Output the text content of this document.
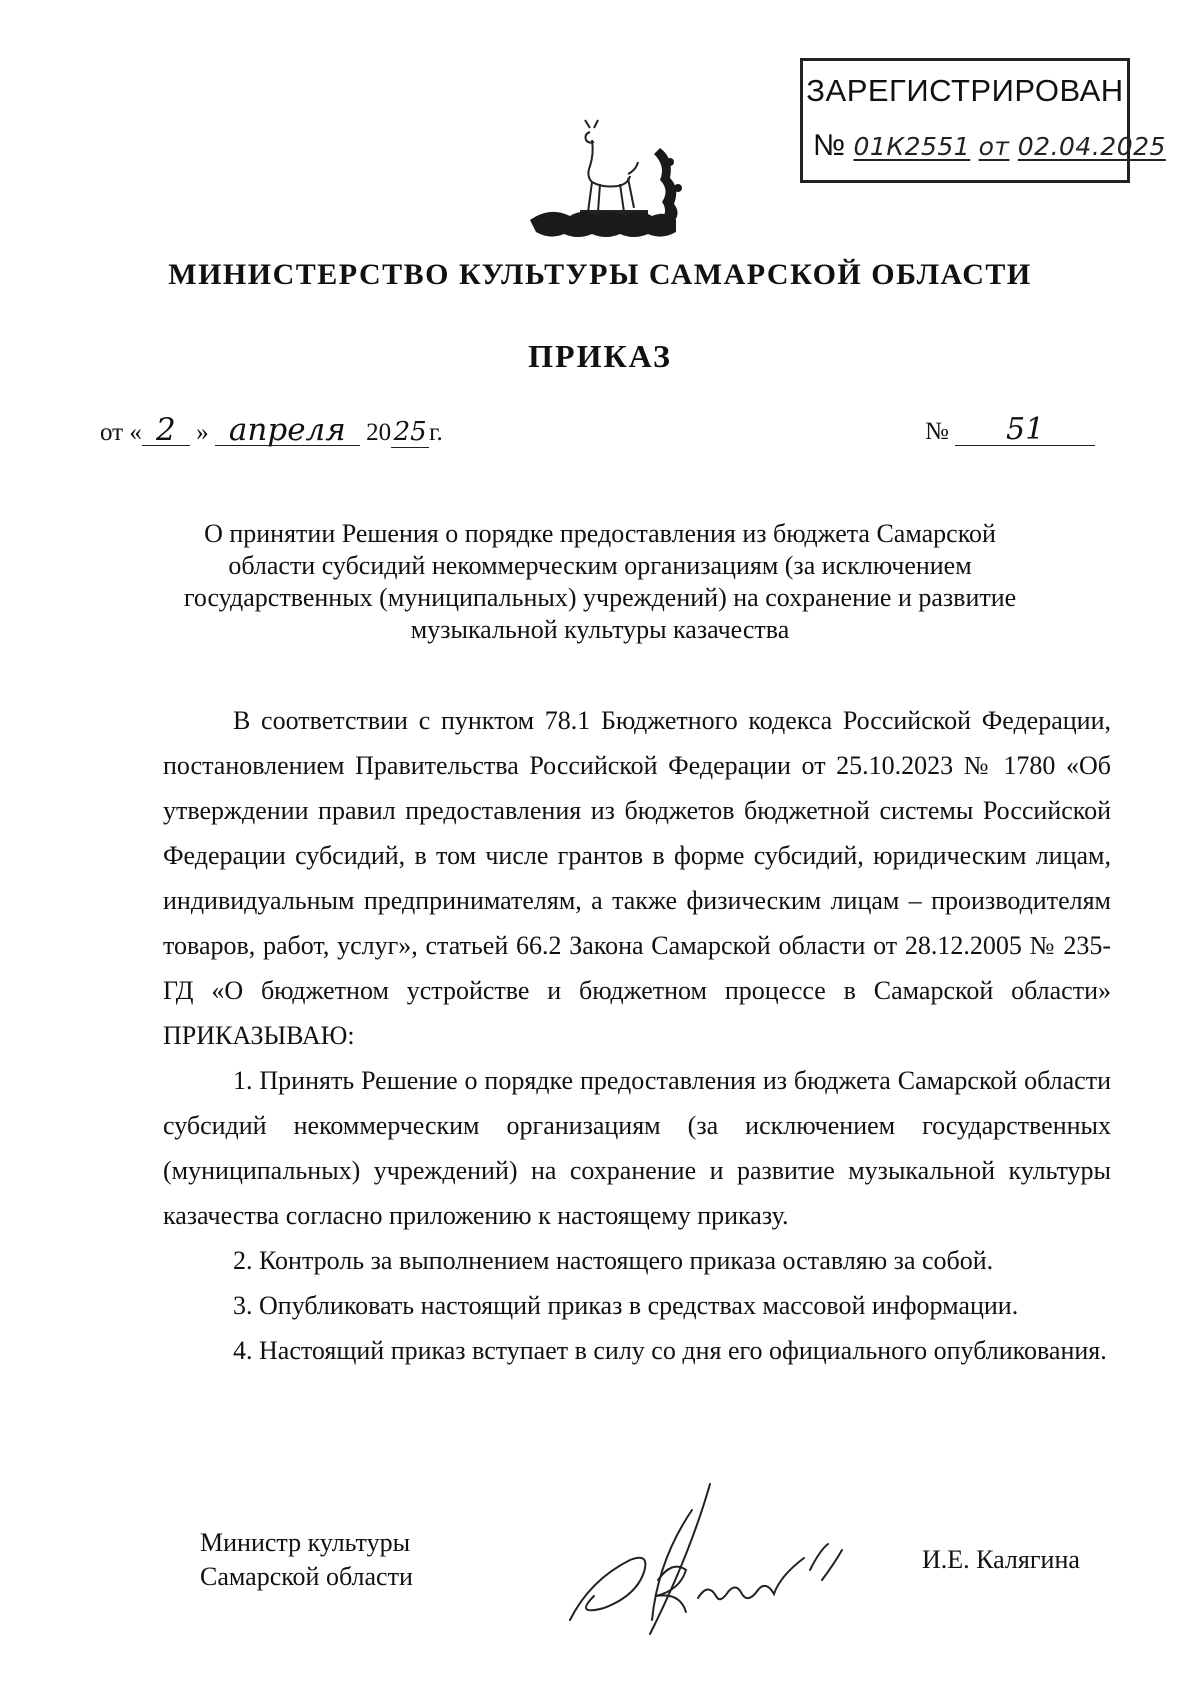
ЗАРЕГИСТРИРОВАН
№ 01К2551 от 02.04.2025
МИНИСТЕРСТВО КУЛЬТУРЫ САМАРСКОЙ ОБЛАСТИ
ПРИКАЗ
от « 2 » апреля 2025г.	№ 51
О принятии Решения о порядке предоставления из бюджета Самарской области субсидий некоммерческим организациям (за исключением государственных (муниципальных) учреждений) на сохранение и развитие музыкальной культуры казачества

В соответствии с пунктом 78.1 Бюджетного кодекса Российской Федерации, постановлением Правительства Российской Федерации от 25.10.2023 № 1780 «Об утверждении правил предоставления из бюджетов бюджетной системы Российской Федерации субсидий, в том числе грантов в форме субсидий, юридическим лицам, индивидуальным предпринимателям, а также физическим лицам – производителям товаров, работ, услуг», статьей 66.2 Закона Самарской области от 28.12.2005 № 235-ГД «О бюджетном устройстве и бюджетном процессе в Самарской области» ПРИКАЗЫВАЮ:

1. Принять Решение о порядке предоставления из бюджета Самарской области субсидий некоммерческим организациям (за исключением государственных (муниципальных) учреждений) на сохранение и развитие музыкальной культуры казачества согласно приложению к настоящему приказу.

2. Контроль за выполнением настоящего приказа оставляю за собой.

3. Опубликовать настоящий приказ в средствах массовой информации.

4. Настоящий приказ вступает в силу со дня его официального опубликования.

Министр культуры
Самарской области
И.Е. Калягина
